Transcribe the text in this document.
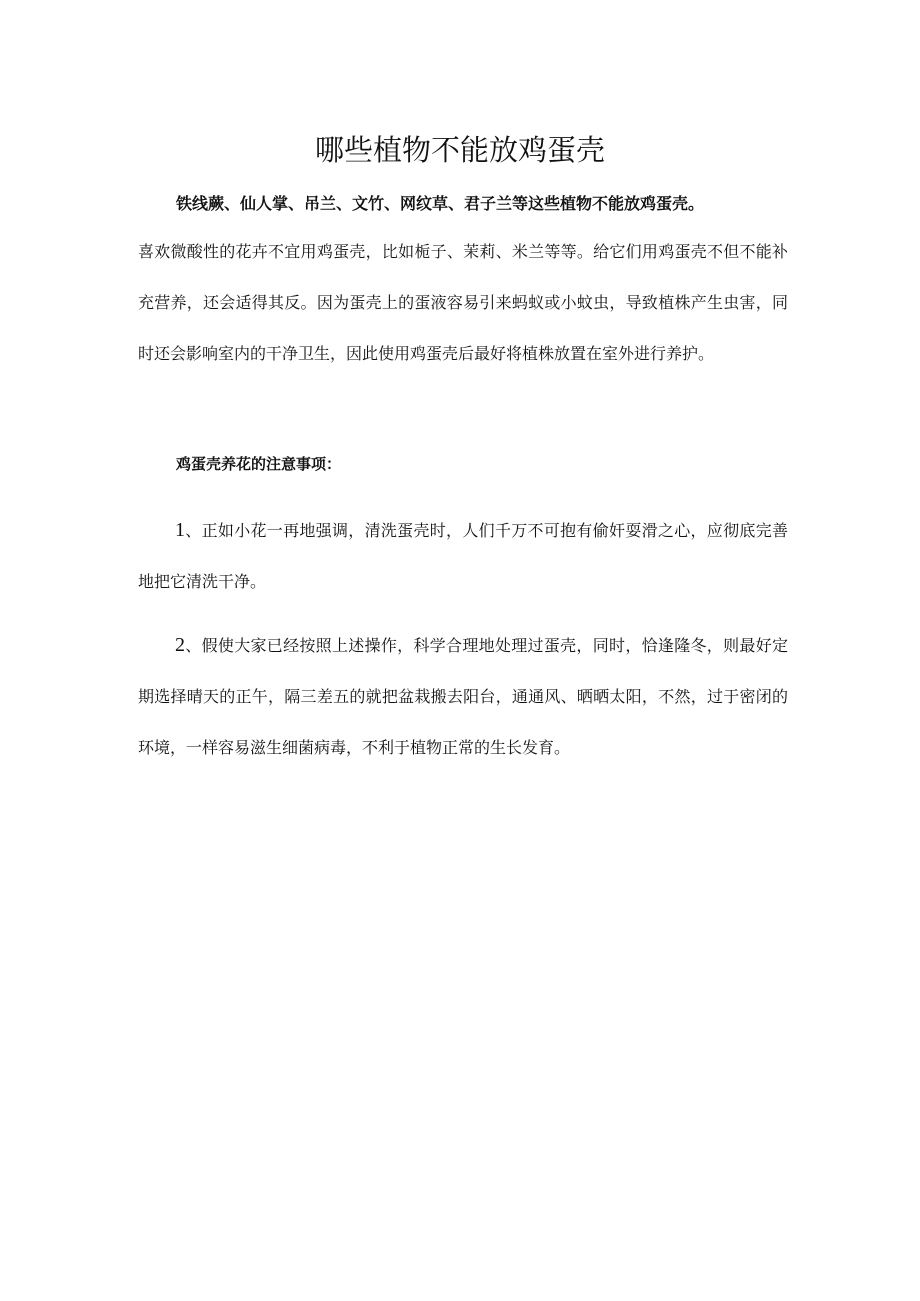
哪些植物不能放鸡蛋壳

铁线蕨、仙人掌、吊兰、文竹、网纹草、君子兰等这些植物不能放鸡蛋壳。

喜欢微酸性的花卉不宜用鸡蛋壳，比如栀子、茉莉、米兰等等。给它们用鸡蛋壳不但不能补充营养，还会适得其反。因为蛋壳上的蛋液容易引来蚂蚁或小蚊虫，导致植株产生虫害，同时还会影响室内的干净卫生，因此使用鸡蛋壳后最好将植株放置在室外进行养护。

鸡蛋壳养花的注意事项：

1、正如小花一再地强调，清洗蛋壳时，人们千万不可抱有偷奸耍滑之心，应彻底完善地把它清洗干净。

2、假使大家已经按照上述操作，科学合理地处理过蛋壳，同时，恰逢隆冬，则最好定期选择晴天的正午，隔三差五的就把盆栽搬去阳台，通通风、晒晒太阳，不然，过于密闭的环境，一样容易滋生细菌病毒，不利于植物正常的生长发育。
